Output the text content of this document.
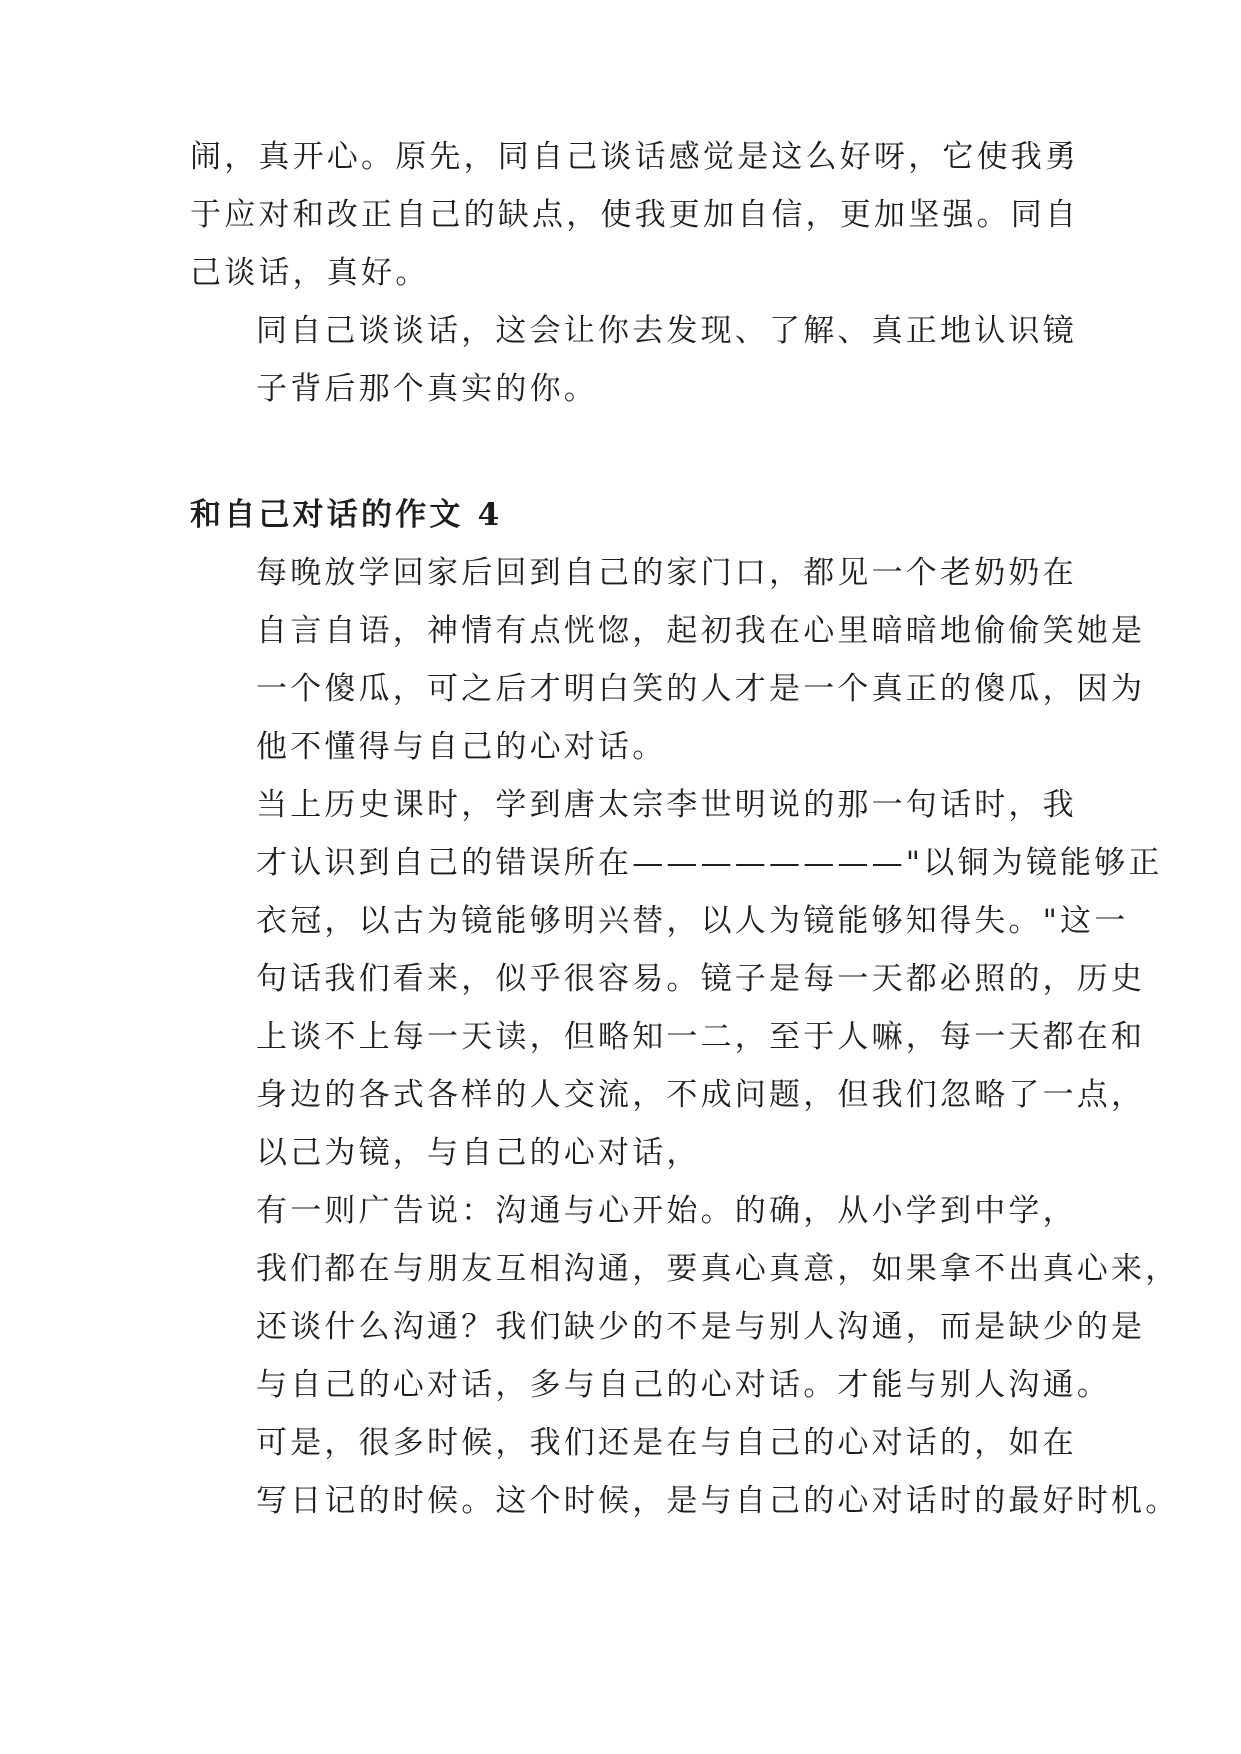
闹，真开心。原先，同自己谈话感觉是这么好呀，它使我勇
于应对和改正自己的缺点，使我更加自信，更加坚强。同自
己谈话，真好。

同自己谈谈话，这会让你去发现、了解、真正地认识镜
子背后那个真实的你。

和自己对话的作文 4

每晚放学回家后回到自己的家门口，都见一个老奶奶在
自言自语，神情有点恍惚，起初我在心里暗暗地偷偷笑她是
一个傻瓜，可之后才明白笑的人才是一个真正的傻瓜，因为
他不懂得与自己的心对话。

当上历史课时，学到唐太宗李世明说的那一句话时，我
才认识到自己的错误所在————————"以铜为镜能够正
衣冠，以古为镜能够明兴替，以人为镜能够知得失。"这一
句话我们看来，似乎很容易。镜子是每一天都必照的，历史
上谈不上每一天读，但略知一二，至于人嘛，每一天都在和
身边的各式各样的人交流，不成问题，但我们忽略了一点，
以己为镜，与自己的心对话，

有一则广告说：沟通与心开始。的确，从小学到中学，
我们都在与朋友互相沟通，要真心真意，如果拿不出真心来，
还谈什么沟通？我们缺少的不是与别人沟通，而是缺少的是
与自己的心对话，多与自己的心对话。才能与别人沟通。

可是，很多时候，我们还是在与自己的心对话的，如在
写日记的时候。这个时候，是与自己的心对话时的最好时机。
